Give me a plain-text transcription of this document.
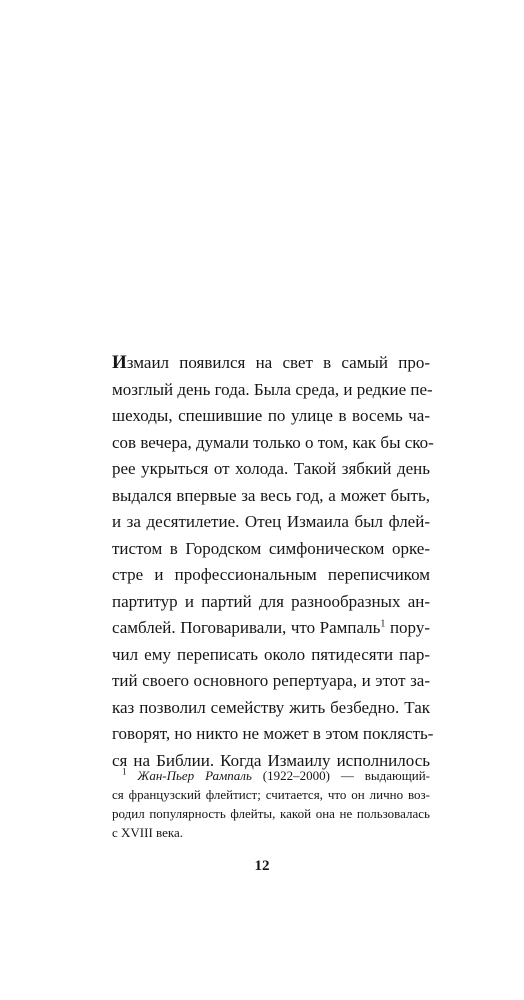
Измаил появился на свет в самый про-
мозглый день года. Была среда, и редкие пе-
шеходы, спешившие по улице в восемь ча-
сов вечера, думали только о том, как бы ско-
рее укрыться от холода. Такой зябкий день
выдался впервые за весь год, а может быть,
и за десятилетие. Отец Измаила был флей-
тистом в Городском симфоническом орке-
стре и профессиональным переписчиком
партитур и партий для разнообразных ан-
самблей. Поговаривали, что Рампаль$^1$ пору-
чил ему переписать около пятидесяти пар-
тий своего основного репертуара, и этот за-
каз позволил семейству жить безбедно. Так
говорят, но никто не может в этом поклясть-
ся на Библии. Когда Измаилу исполнилось
$^1$ Жан-Пьер Рампаль (1922–2000) — выдающий-
ся французский флейтист; считается, что он лично воз-
родил популярность флейты, какой она не пользовалась
с XVIII века.
12
